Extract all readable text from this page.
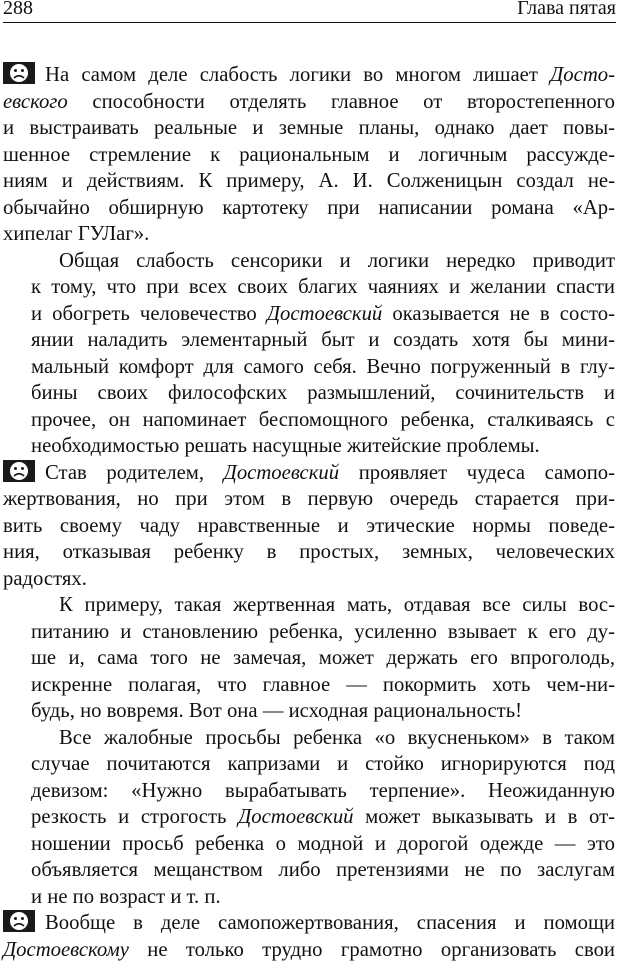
288	Глава пятая
На самом деле слабость логики во многом лишает Досто-
евского способности отделять главное от второстепенного
и выстраивать реальные и земные планы, однако дает повы-
шенное стремление к рациональным и логичным рассужде-
ниям и действиям. К примеру, А. И. Солженицын создал не-
обычайно обширную картотеку при написании романа «Ар-
хипелаг ГУЛаг».
Общая слабость сенсорики и логики нередко приводит
к тому, что при всех своих благих чаяниях и желании спасти
и обогреть человечество Достоевский оказывается не в состо-
янии наладить элементарный быт и создать хотя бы мини-
мальный комфорт для самого себя. Вечно погруженный в глу-
бины своих философских размышлений, сочинительств и
прочее, он напоминает беспомощного ребенка, сталкиваясь с
необходимостью решать насущные житейские проблемы.
Став родителем, Достоевский проявляет чудеса самопо-
жертвования, но при этом в первую очередь старается при-
вить своему чаду нравственные и этические нормы поведе-
ния, отказывая ребенку в простых, земных, человеческих
радостях.
К примеру, такая жертвенная мать, отдавая все силы вос-
питанию и становлению ребенка, усиленно взывает к его ду-
ше и, сама того не замечая, может держать его впроголодь,
искренне полагая, что главное — покормить хоть чем-ни-
будь, но вовремя. Вот она — исходная рациональность!
Все жалобные просьбы ребенка «о вкусненьком» в таком
случае почитаются капризами и стойко игнорируются под
девизом: «Нужно вырабатывать терпение». Неожиданную
резкость и строгость Достоевский может выказывать и в от-
ношении просьб ребенка о модной и дорогой одежде — это
объявляется мещанством либо претензиями не по заслугам
и не по возраст и т. п.
Вообще в деле самопожертвования, спасения и помощи
Достоевскому не только трудно грамотно организовать свои
